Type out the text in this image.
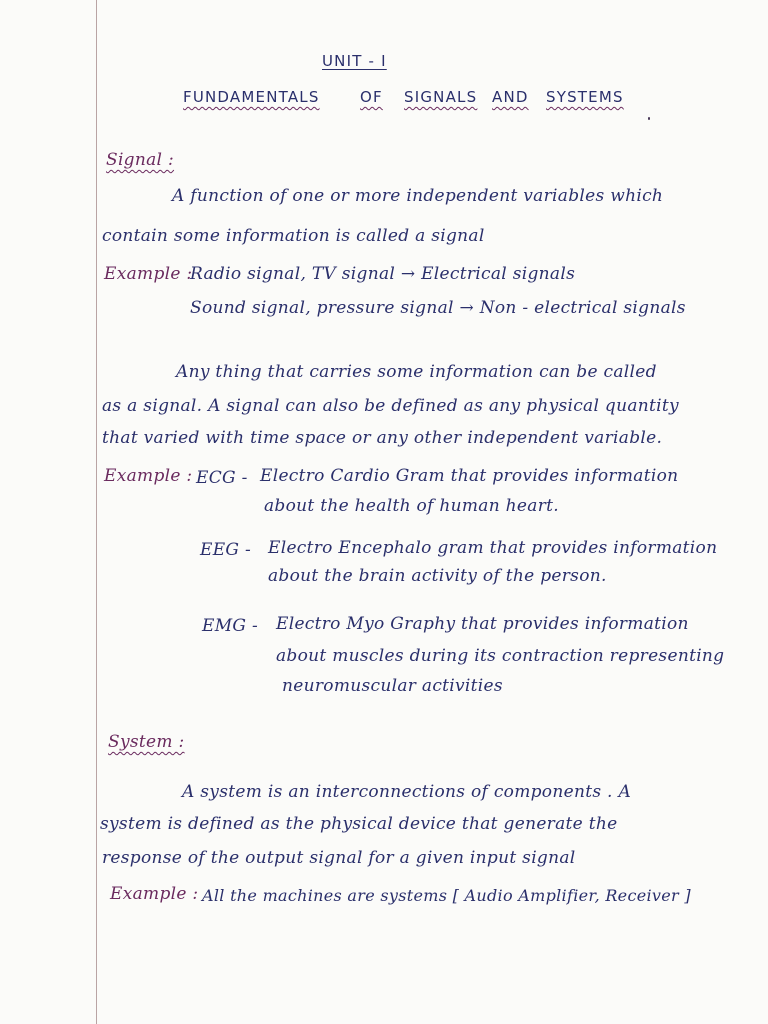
UNIT - I
FUNDAMENTALS	OF SIGNALS AND SYSTEMS
Signal :
A function of one or more independent variables which
contain some information is called a signal
Example :
Radio signal, TV signal → Electrical signals
Sound signal, pressure signal → Non - electrical signals
Any thing that carries some information can be called
as a signal. A signal can also be defined as any physical quantity
that varied with time space or any other independent variable.
Example : ECG - Electro Cardio Gram that provides information
about the health of human heart.
EEG - Electro Encephalo gram that provides information
about the brain activity of the person.
EMG - Electro Myo Graphy that provides information
about muscles during its contraction representing
neuromuscular activities
System :
A system is an interconnections of components . A
system is defined as the physical device that generate the
response of the output signal for a given input signal
Example : All the machines are systems [ Audio Amplifier, Receiver ]
